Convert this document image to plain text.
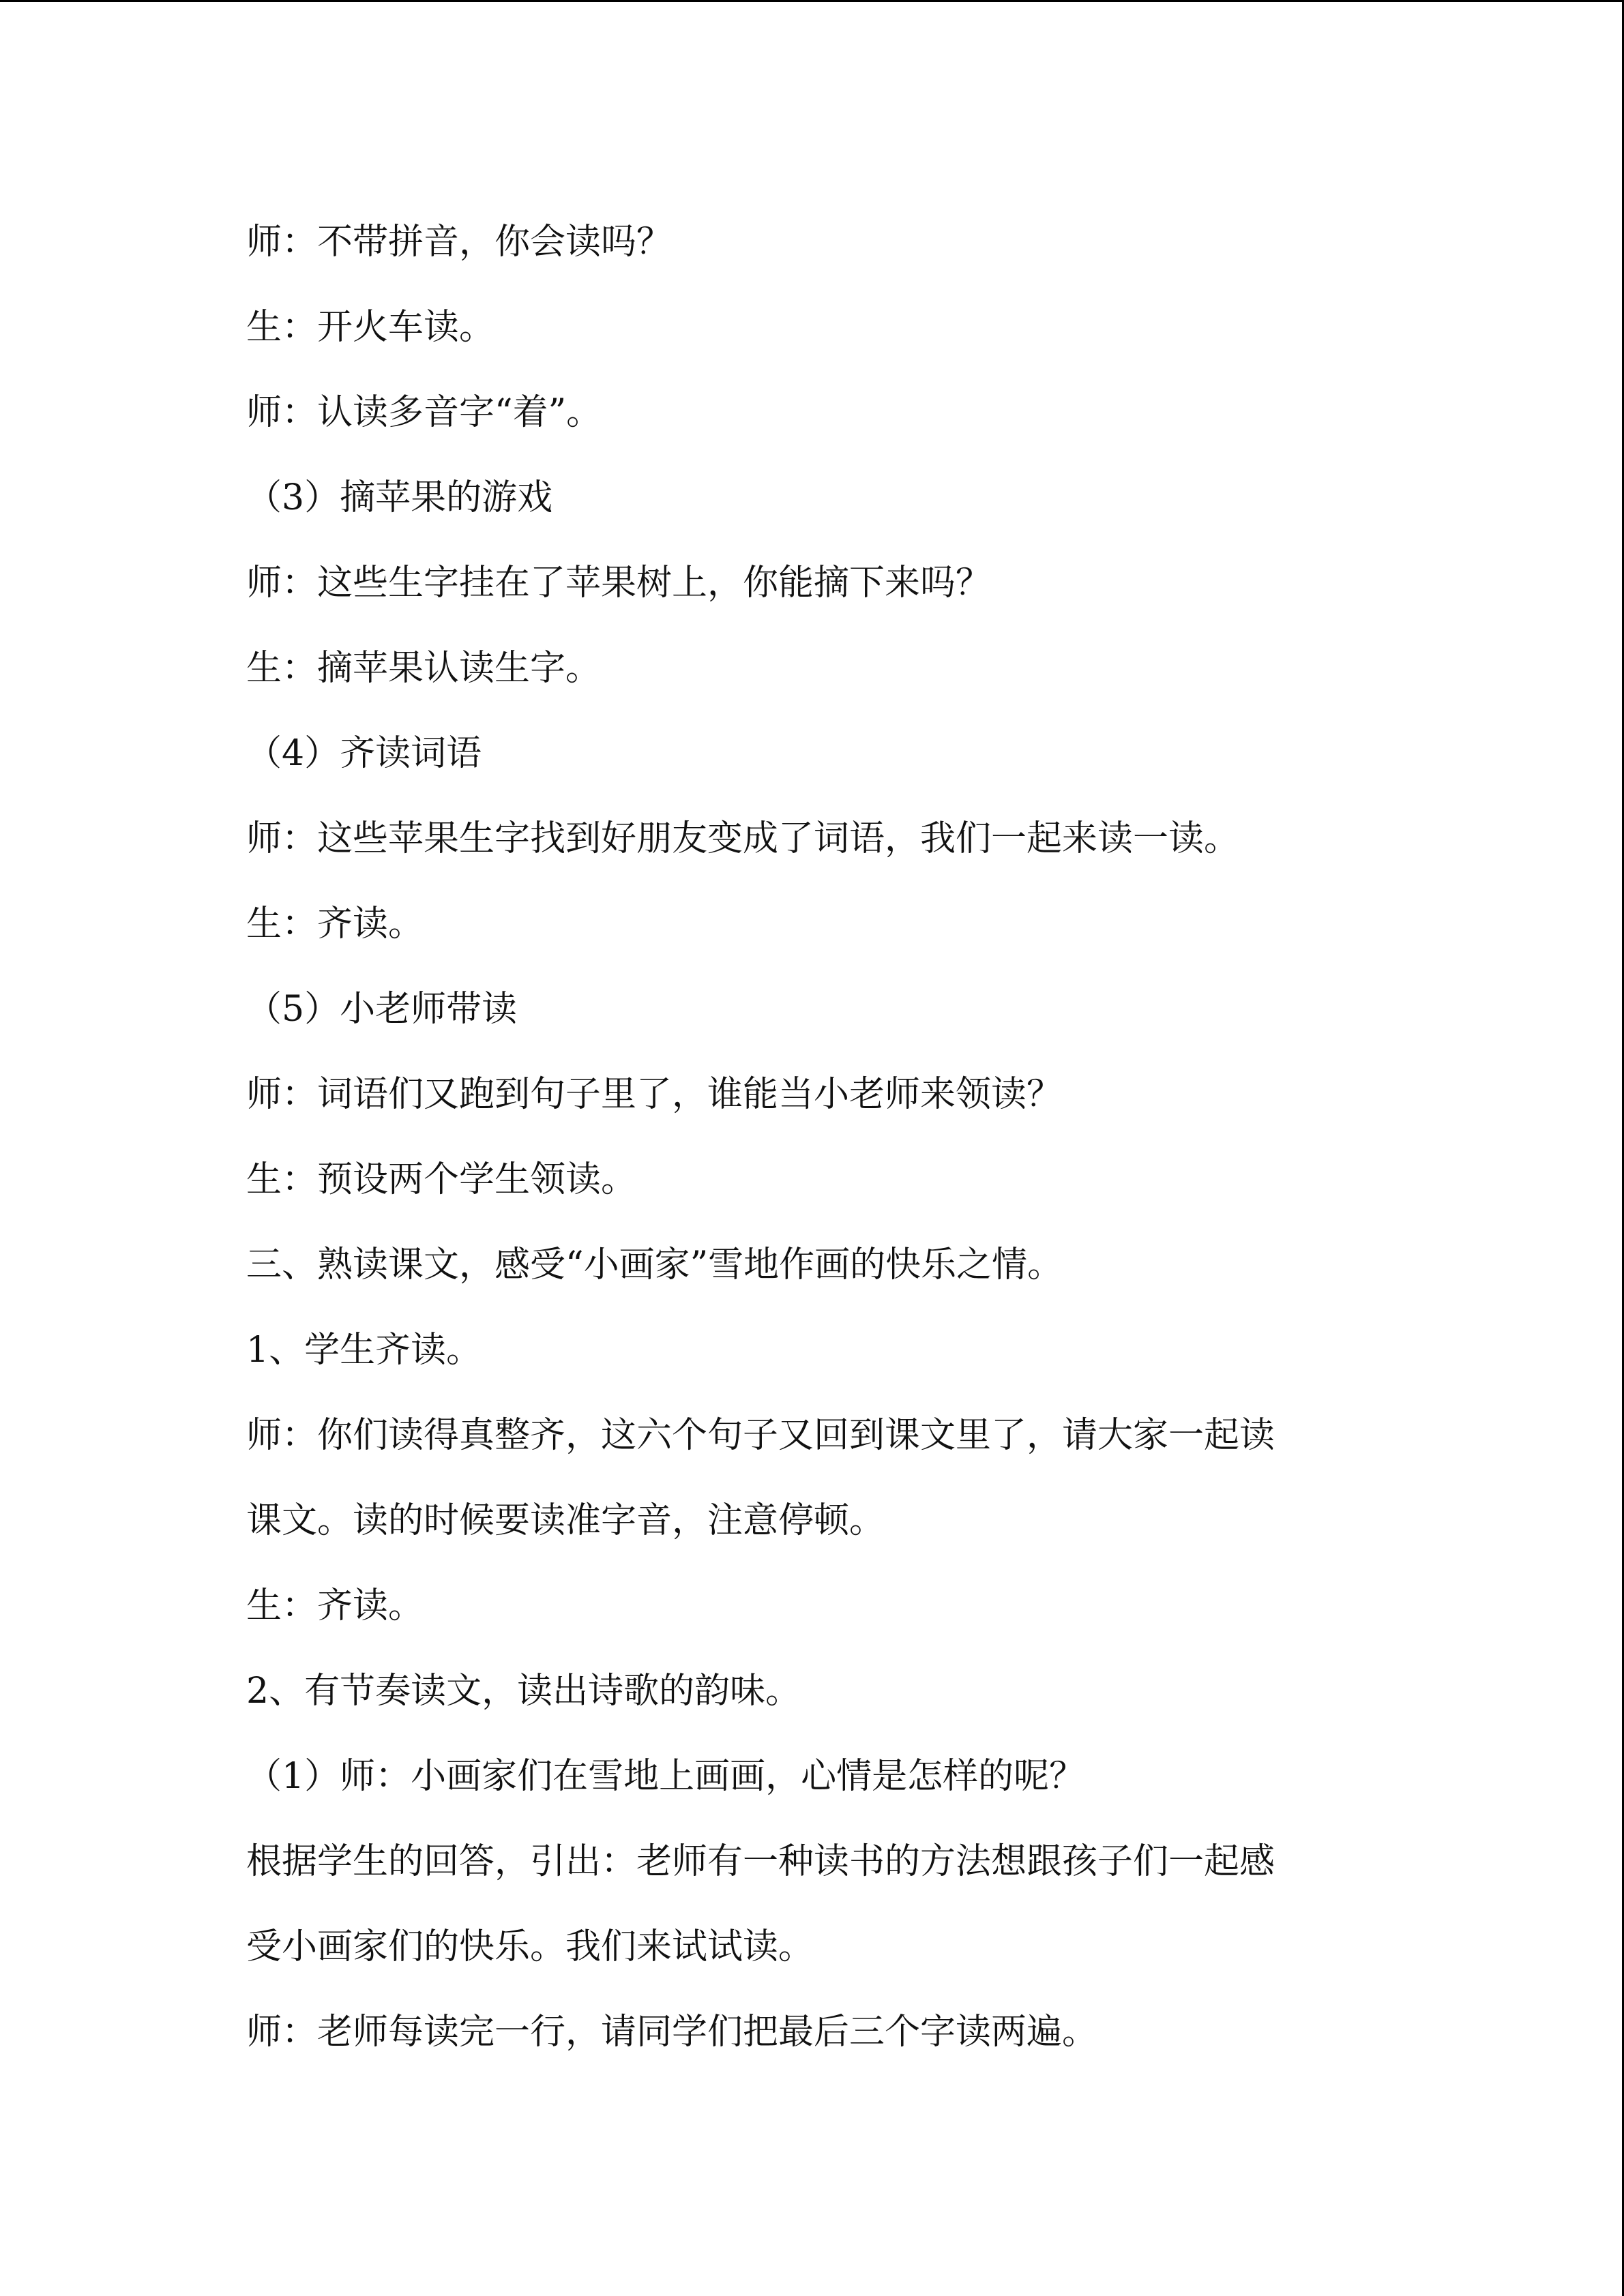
师：不带拼音，你会读吗？
生：开火车读。
师：认读多音字“着”。
（3）摘苹果的游戏
师：这些生字挂在了苹果树上，你能摘下来吗？
生：摘苹果认读生字。
（4）齐读词语
师：这些苹果生字找到好朋友变成了词语，我们一起来读一读。
生：齐读。
（5）小老师带读
师：词语们又跑到句子里了，谁能当小老师来领读？
生：预设两个学生领读。
三、熟读课文，感受“小画家”雪地作画的快乐之情。
1、学生齐读。
师：你们读得真整齐，这六个句子又回到课文里了，请大家一起读
课文。读的时候要读准字音，注意停顿。
生：齐读。
2、有节奏读文，读出诗歌的韵味。
（1）师：小画家们在雪地上画画，心情是怎样的呢？
根据学生的回答，引出：老师有一种读书的方法想跟孩子们一起感
受小画家们的快乐。我们来试试读。
师：老师每读完一行，请同学们把最后三个字读两遍。
